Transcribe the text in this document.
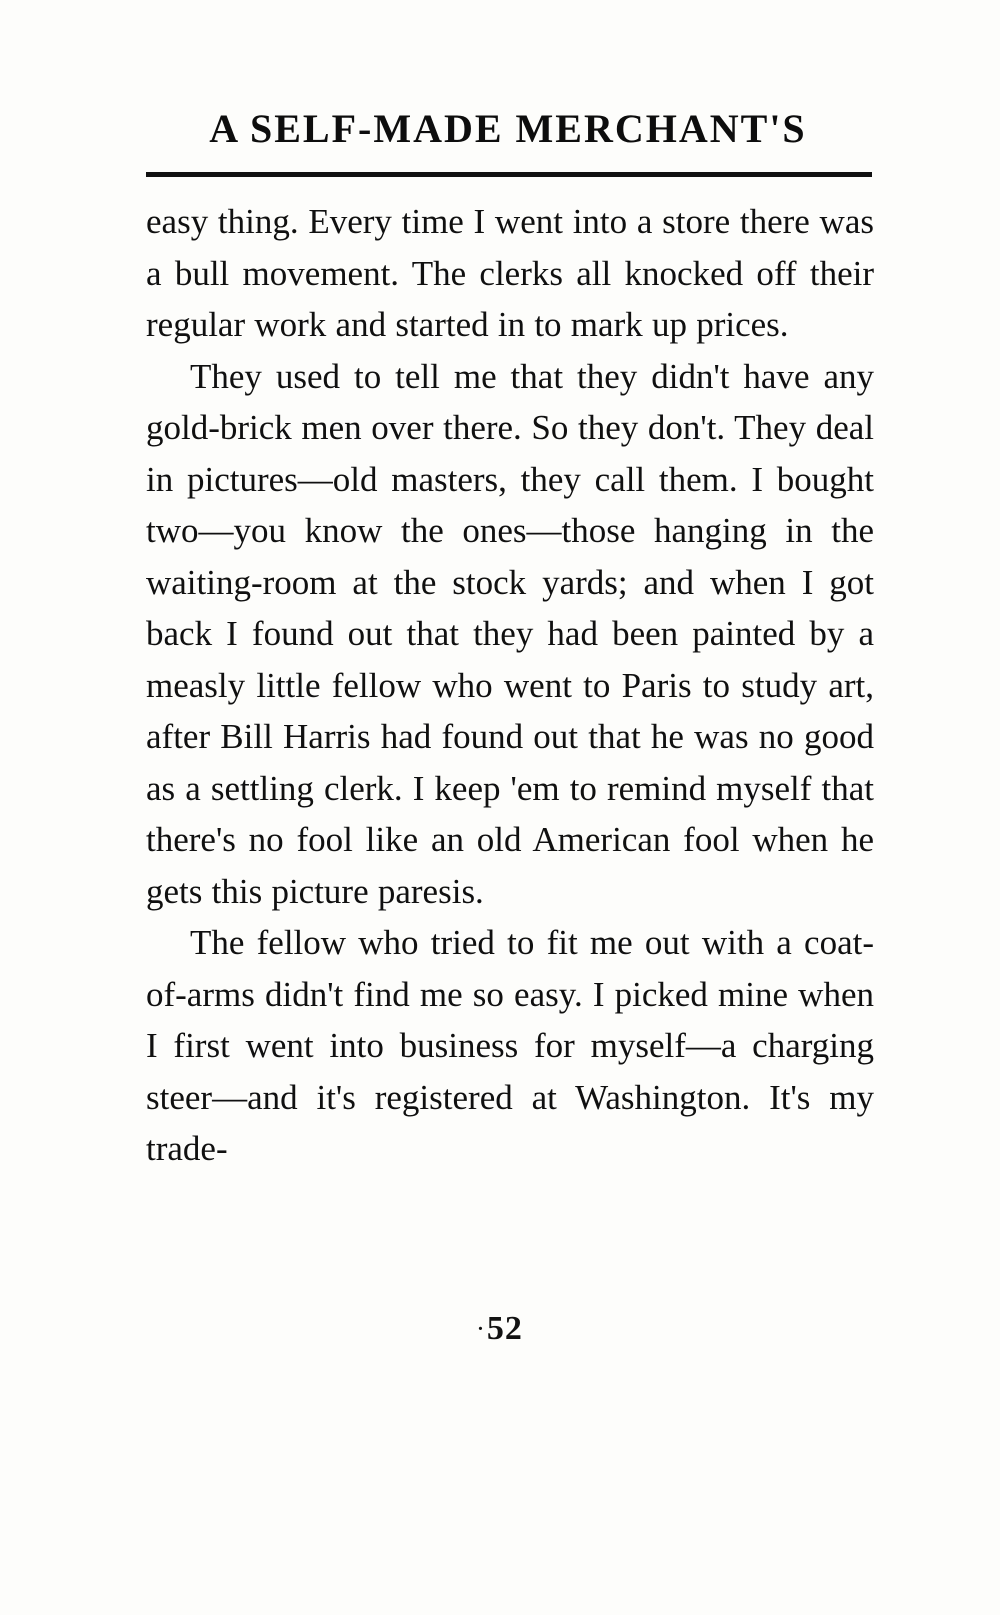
A SELF-MADE MERCHANT'S

easy thing. Every time I went into a store there was a bull movement. The clerks all knocked off their regular work and started in to mark up prices.

They used to tell me that they didn't have any gold-brick men over there. So they don't. They deal in pictures—old masters, they call them. I bought two—you know the ones—those hanging in the waiting-room at the stock yards; and when I got back I found out that they had been painted by a measly little fellow who went to Paris to study art, after Bill Harris had found out that he was no good as a settling clerk. I keep 'em to remind myself that there's no fool like an old American fool when he gets this picture paresis.

The fellow who tried to fit me out with a coat-of-arms didn't find me so easy. I picked mine when I first went into business for myself—a charging steer—and it's registered at Washington. It's my trade-

·52
